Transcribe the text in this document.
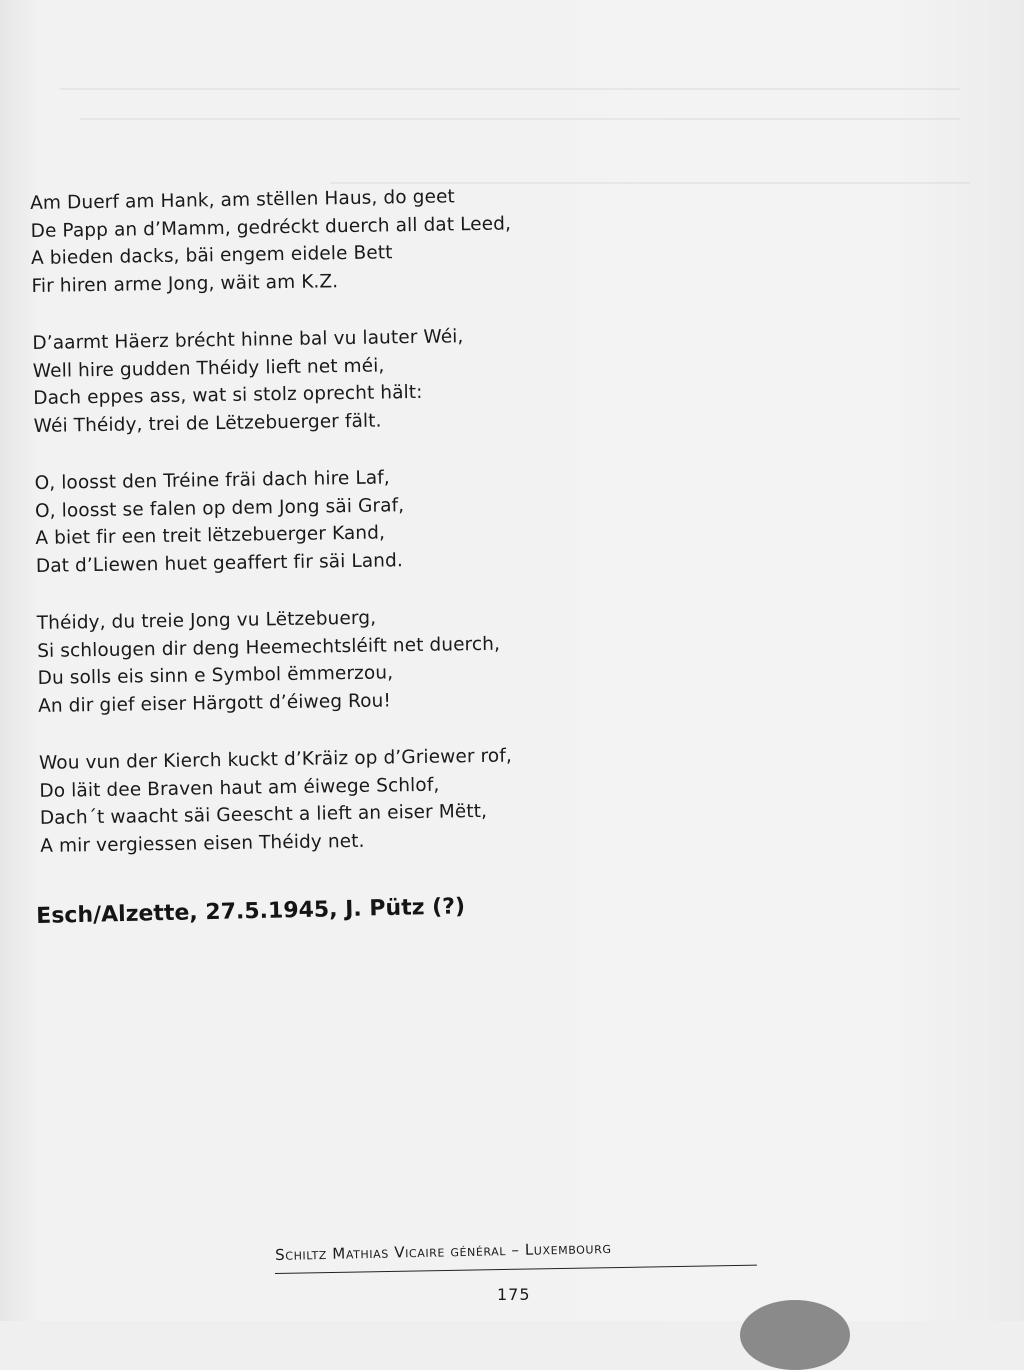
Am Duerf am Hank, am stëllen Haus, do geet
De Papp an d’Mamm, gedréckt duerch all dat Leed,
A bieden dacks, bäi engem eidele Bett
Fir hiren arme Jong, wäit am K.Z.
D’aarmt Häerz brécht hinne bal vu lauter Wéi,
Well hire gudden Théidy lieft net méi,
Dach eppes ass, wat si stolz oprecht hält:
Wéi Théidy, trei de Lëtzebuerger fält.
O, loosst den Tréine fräi dach hire Laf,
O, loosst se falen op dem Jong säi Graf,
A biet fir een treit lëtzebuerger Kand,
Dat d’Liewen huet geaffert fir säi Land.
Théidy, du treie Jong vu Lëtzebuerg,
Si schlougen dir deng Heemechtsléift net duerch,
Du solls eis sinn e Symbol ëmmerzou,
An dir gief eiser Härgott d’éiweg Rou!
Wou vun der Kierch kuckt d’Kräiz op d’Griewer rof,
Do läit dee Braven haut am éiwege Schlof,
Dach´t waacht säi Geescht a lieft an eiser Mëtt,
A mir vergiessen eisen Théidy net.
Esch/Alzette, 27.5.1945, J. Pütz (?)
Schiltz Mathias Vicaire général – Luxembourg
175
